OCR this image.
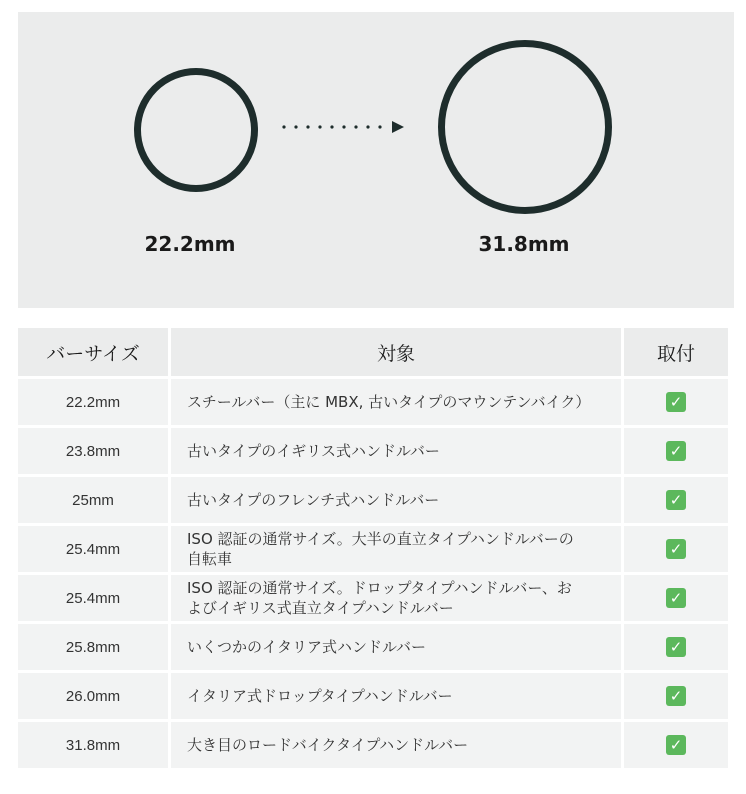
22.2mm	31.8mm
バーサイズ	対象	取付
22.2mm	スチールバー（主に MBX, 古いタイプのマウンテンバイク）	✓
23.8mm	古いタイプのイギリス式ハンドルバー	✓
25mm	古いタイプのフレンチ式ハンドルバー	✓
25.4mm	ISO 認証の通常サイズ。大半の直立タイプハンドルバーの自転車	✓
25.4mm	ISO 認証の通常サイズ。ドロップタイプハンドルバー、およびイギリス式直立タイプハンドルバー	✓
25.8mm	いくつかのイタリア式ハンドルバー	✓
26.0mm	イタリア式ドロップタイプハンドルバー	✓
31.8mm	大き目のロードバイクタイプハンドルバー	✓
